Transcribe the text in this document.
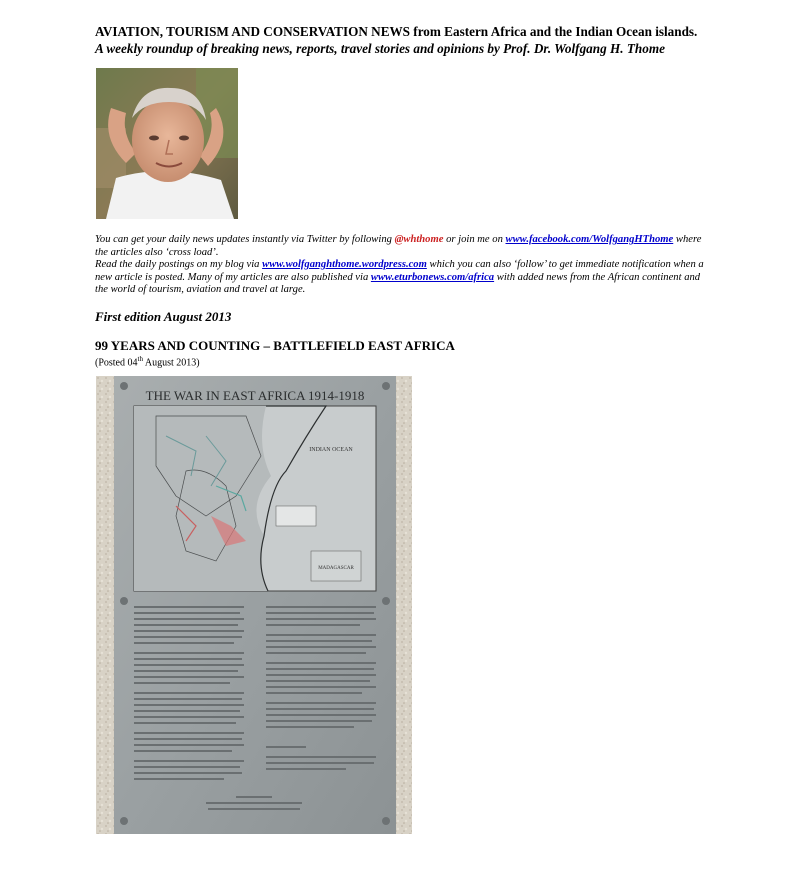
AVIATION, TOURISM AND CONSERVATION NEWS from Eastern Africa and the Indian Ocean islands.
A weekly roundup of breaking news, reports, travel stories and opinions by Prof. Dr. Wolfgang H. Thome
You can get your daily news updates instantly via Twitter by following @whthome or join me on www.facebook.com/WolfgangHThome where the articles also ‘cross load’.
Read the daily postings on my blog via www.wolfganghthome.wordpress.com which you can also ‘follow’ to get immediate notification when a new article is posted. Many of my articles are also published via www.eturbonews.com/africa with added news from the African continent and the world of tourism, aviation and travel at large.
First edition August 2013
99 YEARS AND COUNTING – BATTLEFIELD EAST AFRICA
(Posted 04th August 2013)
THE WAR IN EAST AFRICA 1914-1918
INDIAN OCEAN
MADAGASCAR
